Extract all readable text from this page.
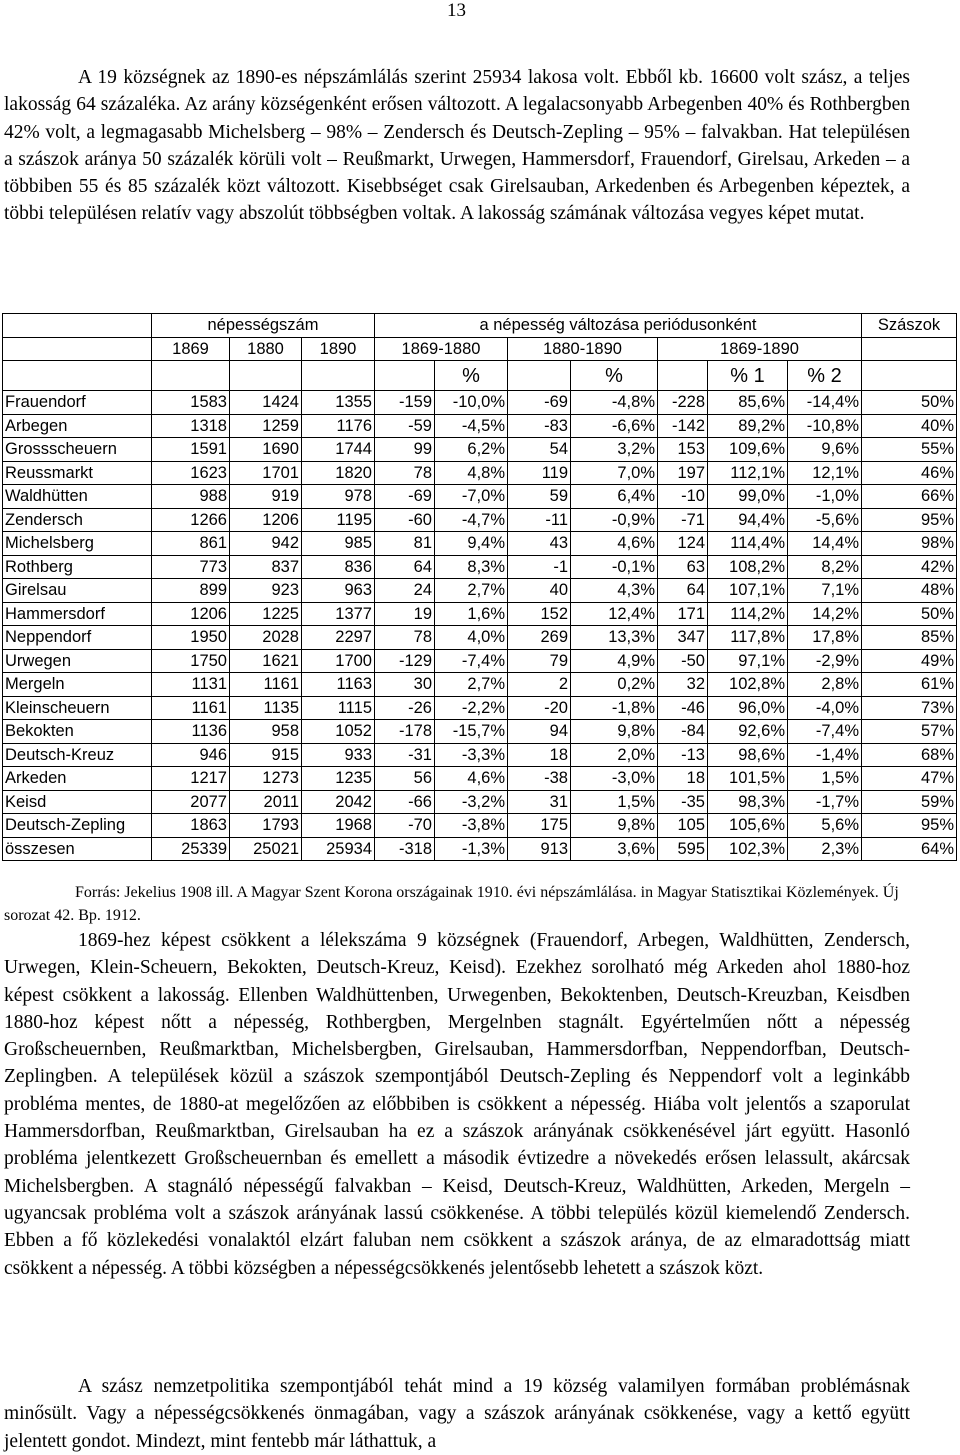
13

A 19 községnek az 1890-es népszámlálás szerint 25934 lakosa volt. Ebből kb. 16600 volt szász, a teljes lakosság 64 százaléka. Az arány községenként erősen változott. A legalacsonyabb Arbegenben 40% és Rothbergben 42% volt, a legmagasabb Michelsberg – 98% – Zendersch és Deutsch-Zepling – 95% – falvakban. Hat településen a szászok aránya 50 százalék körüli volt – Reußmarkt, Urwegen, Hammersdorf, Frauendorf, Girelsau, Arkeden – a többiben 55 és 85 százalék közt változott. Kisebbséget csak Girelsauban, Arkedenben és Arbegenben képeztek, a többi településen relatív vagy abszolút többségben voltak. A lakosság számának változása vegyes képet mutat.

	népességszám			a népesség változása periódusonként							Szászok
	1869	1880	1890	1869-1880		1880-1890		1869-1890			
					%		%		% 1	% 2	
Frauendorf	1583	1424	1355	-159	-10,0%	-69	-4,8%	-228	85,6%	-14,4%	50%
Arbegen	1318	1259	1176	-59	-4,5%	-83	-6,6%	-142	89,2%	-10,8%	40%
Grossscheuern	1591	1690	1744	99	6,2%	54	3,2%	153	109,6%	9,6%	55%
Reussmarkt	1623	1701	1820	78	4,8%	119	7,0%	197	112,1%	12,1%	46%
Waldhütten	988	919	978	-69	-7,0%	59	6,4%	-10	99,0%	-1,0%	66%
Zendersch	1266	1206	1195	-60	-4,7%	-11	-0,9%	-71	94,4%	-5,6%	95%
Michelsberg	861	942	985	81	9,4%	43	4,6%	124	114,4%	14,4%	98%
Rothberg	773	837	836	64	8,3%	-1	-0,1%	63	108,2%	8,2%	42%
Girelsau	899	923	963	24	2,7%	40	4,3%	64	107,1%	7,1%	48%
Hammersdorf	1206	1225	1377	19	1,6%	152	12,4%	171	114,2%	14,2%	50%
Neppendorf	1950	2028	2297	78	4,0%	269	13,3%	347	117,8%	17,8%	85%
Urwegen	1750	1621	1700	-129	-7,4%	79	4,9%	-50	97,1%	-2,9%	49%
Mergeln	1131	1161	1163	30	2,7%	2	0,2%	32	102,8%	2,8%	61%
Kleinscheuern	1161	1135	1115	-26	-2,2%	-20	-1,8%	-46	96,0%	-4,0%	73%
Bekokten	1136	958	1052	-178	-15,7%	94	9,8%	-84	92,6%	-7,4%	57%
Deutsch-Kreuz	946	915	933	-31	-3,3%	18	2,0%	-13	98,6%	-1,4%	68%
Arkeden	1217	1273	1235	56	4,6%	-38	-3,0%	18	101,5%	1,5%	47%
Keisd	2077	2011	2042	-66	-3,2%	31	1,5%	-35	98,3%	-1,7%	59%
Deutsch-Zepling	1863	1793	1968	-70	-3,8%	175	9,8%	105	105,6%	5,6%	95%
összesen	25339	25021	25934	-318	-1,3%	913	3,6%	595	102,3%	2,3%	64%

Forrás: Jekelius 1908 ill. A Magyar Szent Korona országainak 1910. évi népszámlálása. in Magyar Statisztikai Közlemények. Új sorozat 42. Bp. 1912.

1869-hez képest csökkent a lélekszáma 9 községnek (Frauendorf, Arbegen, Waldhütten, Zendersch, Urwegen, Klein-Scheuern, Bekokten, Deutsch-Kreuz, Keisd). Ezekhez sorolható még Arkeden ahol 1880-hoz képest csökkent a lakosság. Ellenben Waldhüttenben, Urwegenben, Bekoktenben, Deutsch-Kreuzban, Keisdben 1880-hoz képest nőtt a népesség, Rothbergben, Mergelnben stagnált. Egyértelműen nőtt a népesség Großscheuernben, Reußmarktban, Michelsbergben, Girelsauban, Hammersdorfban, Neppendorfban, Deutsch-Zeplingben. A települések közül a szászok szempontjából Deutsch-Zepling és Neppendorf volt a leginkább probléma mentes, de 1880-at megelőzően az előbbiben is csökkent a népesség. Hiába volt jelentős a szaporulat Hammersdorfban, Reußmarktban, Girelsauban ha ez a szászok arányának csökkenésével járt együtt. Hasonló probléma jelentkezett Großscheuernban és emellett a második évtizedre a növekedés erősen lelassult, akárcsak Michelsbergben. A stagnáló népességű falvakban – Keisd, Deutsch-Kreuz, Waldhütten, Arkeden, Mergeln – ugyancsak probléma volt a szászok arányának lassú csökkenése. A többi település közül kiemelendő Zendersch. Ebben a fő közlekedési vonalaktól elzárt faluban nem csökkent a szászok aránya, de az elmaradottság miatt csökkent a népesség. A többi községben a népességcsökkenés jelentősebb lehetett a szászok közt.

A szász nemzetpolitika szempontjából tehát mind a 19 község valamilyen formában problémásnak minősült. Vagy a népességcsökkenés önmagában, vagy a szászok arányának csökkenése, vagy a kettő együtt jelentett gondot. Mindezt, mint fentebb már láthattuk, a
